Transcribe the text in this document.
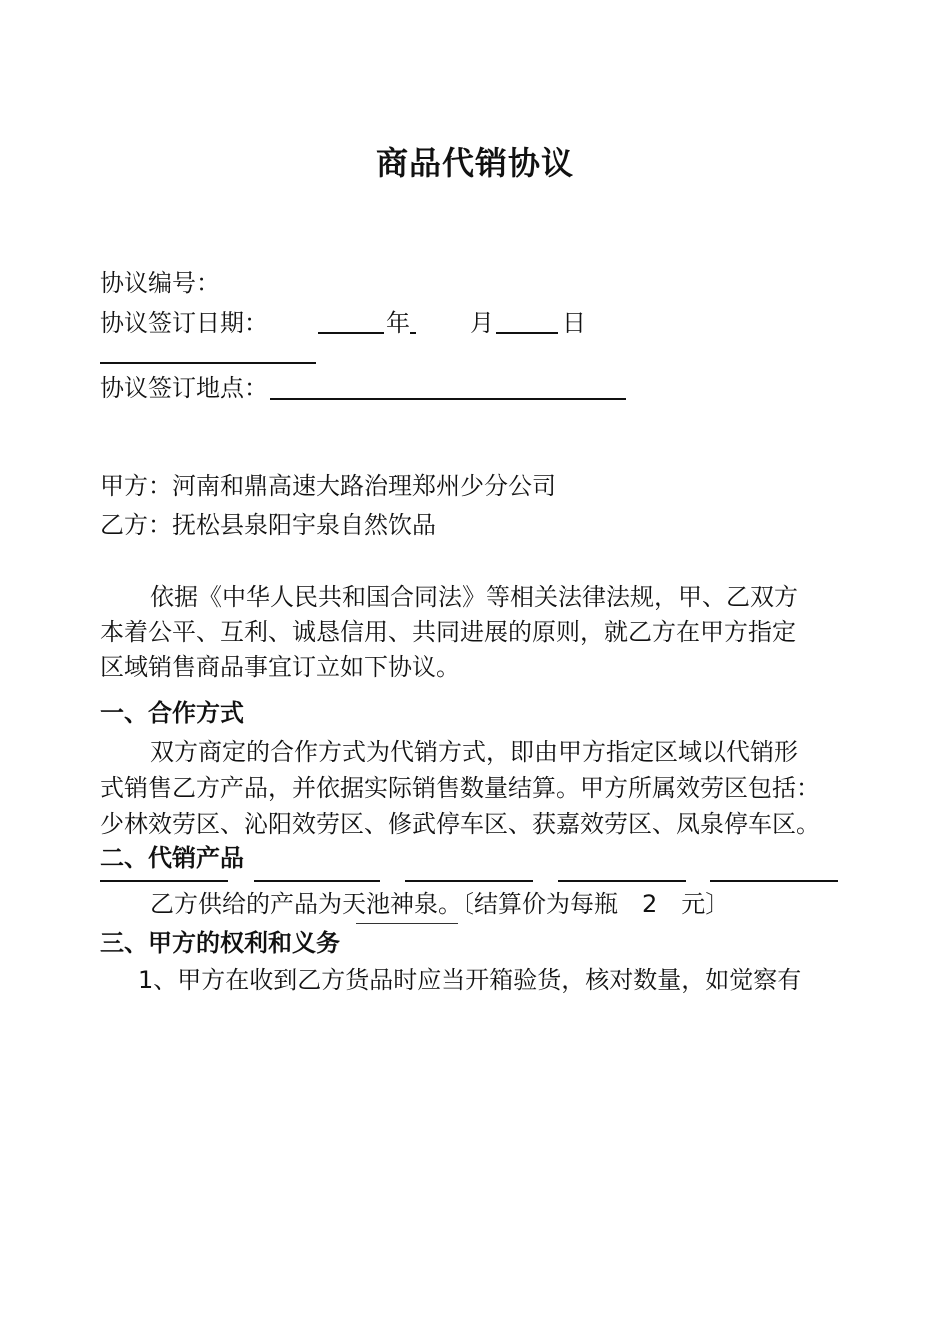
商品代销协议
协议编号：
协议签订日期：	年	月	日
协议签订地点：
甲方：河南和鼎高速大路治理郑州少分公司
乙方：抚松县泉阳宇泉自然饮品
依据《中华人民共和国合同法》等相关法律法规，甲、乙双方
本着公平、互利、诚恳信用、共同进展的原则，就乙方在甲方指定
区域销售商品事宜订立如下协议。
一、合作方式
双方商定的合作方式为代销方式，即由甲方指定区域以代销形
式销售乙方产品，并依据实际销售数量结算。甲方所属效劳区包括：
少林效劳区、沁阳效劳区、修武停车区、获嘉效劳区、凤泉停车区。
二、代销产品
乙方供给的产品为天池神泉。〔结算价为每瓶　2　元〕
三、甲方的权利和义务
1、甲方在收到乙方货品时应当开箱验货，核对数量，如觉察有
